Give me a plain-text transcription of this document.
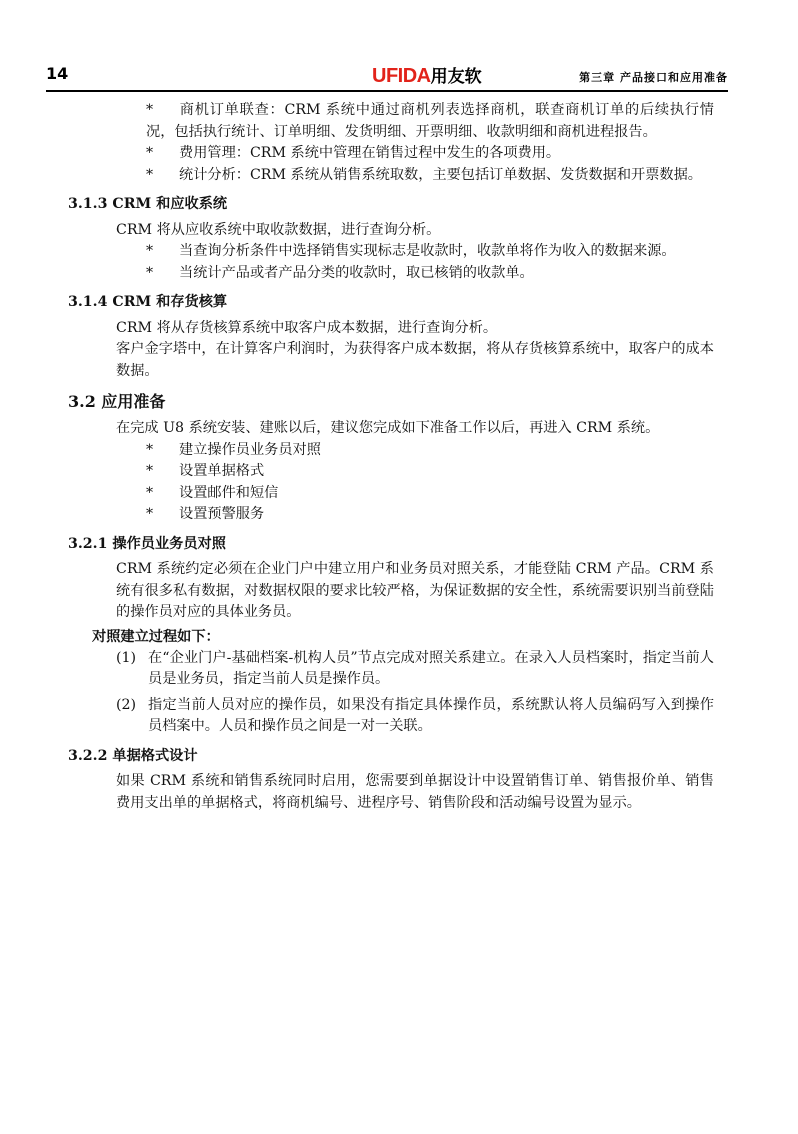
14	UFIDA用友软	第三章 产品接口和应用准备

* 商机订单联查：CRM 系统中通过商机列表选择商机，联查商机订单的后续执行情况，包括执行统计、订单明细、发货明细、开票明细、收款明细和商机进程报告。

* 费用管理：CRM 系统中管理在销售过程中发生的各项费用。

* 统计分析：CRM 系统从销售系统取数，主要包括订单数据、发货数据和开票数据。

3.1.3 CRM 和应收系统

CRM 将从应收系统中取收款数据，进行查询分析。

* 当查询分析条件中选择销售实现标志是收款时，收款单将作为收入的数据来源。

* 当统计产品或者产品分类的收款时，取已核销的收款单。

3.1.4 CRM 和存货核算

CRM 将从存货核算系统中取客户成本数据，进行查询分析。

客户金字塔中，在计算客户利润时，为获得客户成本数据，将从存货核算系统中，取客户的成本数据。

3.2 应用准备

在完成 U8 系统安装、建账以后，建议您完成如下准备工作以后，再进入 CRM 系统。

* 建立操作员业务员对照

* 设置单据格式

* 设置邮件和短信

* 设置预警服务

3.2.1 操作员业务员对照

CRM 系统约定必须在企业门户中建立用户和业务员对照关系，才能登陆 CRM 产品。CRM 系统有很多私有数据，对数据权限的要求比较严格，为保证数据的安全性，系统需要识别当前登陆的操作员对应的具体业务员。

对照建立过程如下：

(1) 在“企业门户-基础档案-机构人员”节点完成对照关系建立。在录入人员档案时，指定当前人员是业务员，指定当前人员是操作员。

(2) 指定当前人员对应的操作员，如果没有指定具体操作员，系统默认将人员编码写入到操作员档案中。人员和操作员之间是一对一关联。

3.2.2 单据格式设计

如果 CRM 系统和销售系统同时启用，您需要到单据设计中设置销售订单、销售报价单、销售费用支出单的单据格式，将商机编号、进程序号、销售阶段和活动编号设置为显示。
